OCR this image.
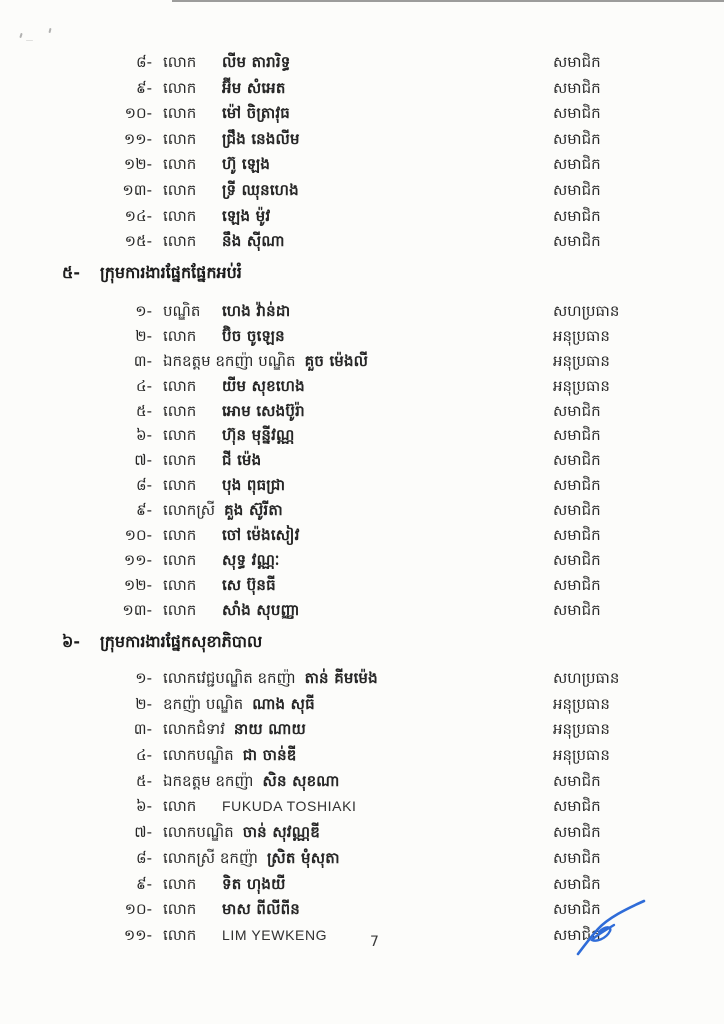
៨- លោក លីម តារារិទ្ធ	សមាជិក
៩- លោក អ៊ីម សំអេត	សមាជិក
១០- លោក ម៉ៅ ចិត្រាវុធ	សមាជិក
១១- លោក ជ្រឹង នេងលីម	សមាជិក
១២- លោក ហ៊ូ ឡេង	សមាជិក
១៣- លោក ទ្រី ឈុនហេង	សមាជិក
១៤- លោក ឡេង ម៉ូវ	សមាជិក
១៥- លោក នឹង ស៊ីណា	សមាជិក
៥- ក្រុមការងារផ្នែកផ្នែកអប់រំ
១- បណ្ឌិត ហេង វ៉ាន់ដា	សហប្រធាន
២- លោក ប៊ិច ចូឡេន	អនុប្រធាន
៣- ឯកឧត្តម ឧកញ៉ា បណ្ឌិត គួច ម៉េងលី	អនុប្រធាន
៤- លោក យីម សុខហេង	អនុប្រធាន
៥- លោក អោម សេងប៊ូរ៉ា	សមាជិក
៦- លោក ហ៊ុន មុន្នីវណ្ណ	សមាជិក
៧- លោក ជី ម៉េង	សមាជិក
៨- លោក បុង ពុធជ្រា	សមាជិក
៩- លោកស្រី គួង ស៊ូរីតា	សមាជិក
១០- លោក ចៅ ម៉េងសៀវ	សមាជិក
១១- លោក សុទ្ធ វណ្ណៈ	សមាជិក
១២- លោក សេ ប៊ុនធី	សមាជិក
១៣- លោក សាំង សុបញ្ញា	សមាជិក
៦- ក្រុមការងារផ្នែកសុខាភិបាល
១- លោកវេជ្ជបណ្ឌិត ឧកញ៉ា តាន់ គីមម៉េង	សហប្រធាន
២- ឧកញ៉ា បណ្ឌិត ណាង សុធី	អនុប្រធាន
៣- លោកជំទាវ នាយ ណាយ	អនុប្រធាន
៤- លោកបណ្ឌិត ជា ចាន់ឌី	អនុប្រធាន
៥- ឯកឧត្តម ឧកញ៉ា សិន សុខណា	សមាជិក
៦- លោក FUKUDA TOSHIAKI	សមាជិក
៧- លោកបណ្ឌិត ចាន់ សុវណ្ណឌី	សមាជិក
៨- លោកស្រី ឧកញ៉ា ស្រិត មុំសុតា	សមាជិក
៩- លោក ទិត ហុងយី	សមាជិក
១០- លោក មាស ពីលីពីន	សមាជិក
១១- លោក LIM YEWKENG	សមាជិក
7
